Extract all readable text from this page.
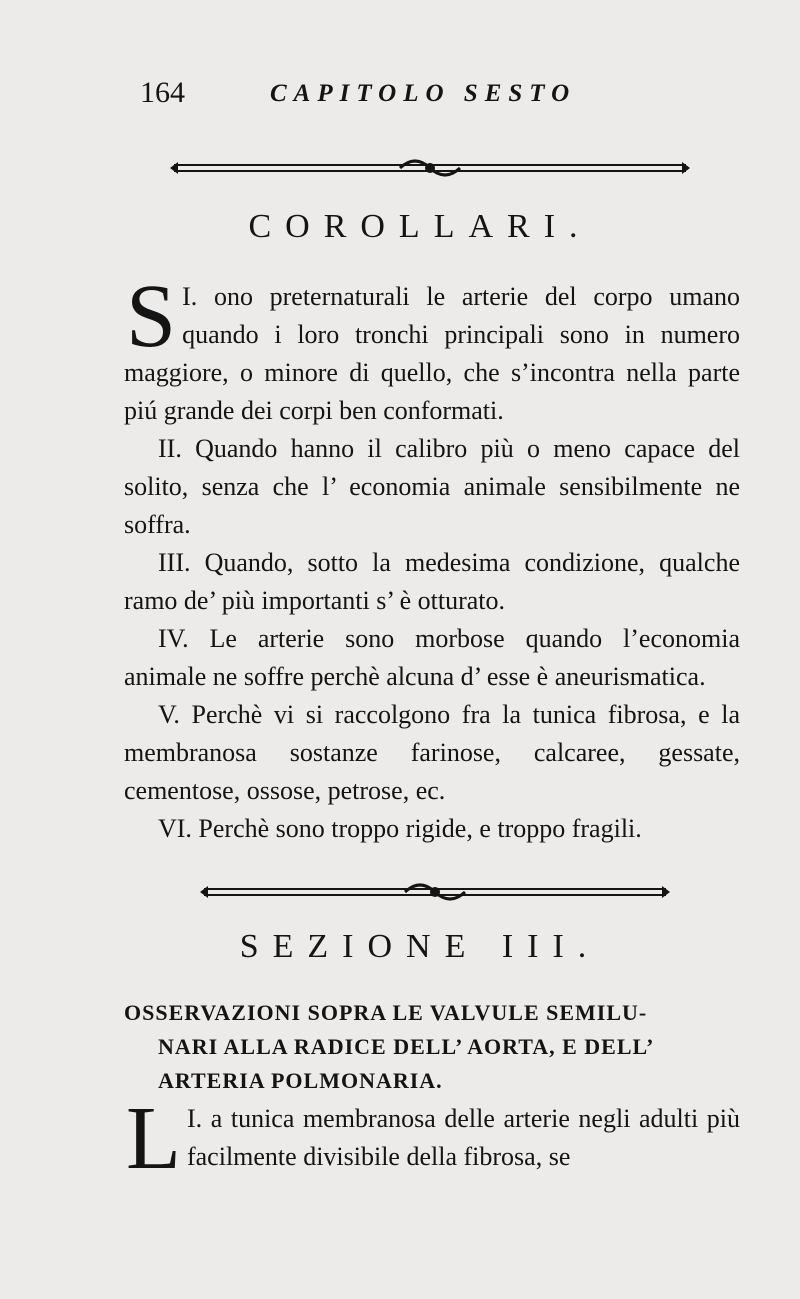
164	CAPITOLO SESTO
COROLLARI.

I.
S ono preternaturali le arterie del corpo umano quando i loro tronchi principali sono in numero maggiore, o minore di quello, che s’incontra nella parte piú grande dei corpi ben conformati.

II. Quando hanno il calibro più o meno capace del solito, senza che l’ economia animale sensibilmente ne soffra.

III. Quando, sotto la medesima condizione, qualche ramo de’ più importanti s’ è otturato.

IV. Le arterie sono morbose quando l’economia animale ne soffre perchè alcuna d’ esse è aneurismatica.

V. Perchè vi si raccolgono fra la tunica fibrosa, e la membranosa sostanze farinose, calcaree, gessate, cementose, ossose, petrose, ec.

VI. Perchè sono troppo rigide, e troppo fragili.

SEZIONE III.
OSSERVAZIONI SOPRA LE VALVULE SEMILU-
NARI ALLA RADICE DELL’ AORTA, E DELL’
ARTERIA POLMONARIA.

I.
L a tunica membranosa delle arterie negli adulti più facilmente divisibile della fibrosa, se
